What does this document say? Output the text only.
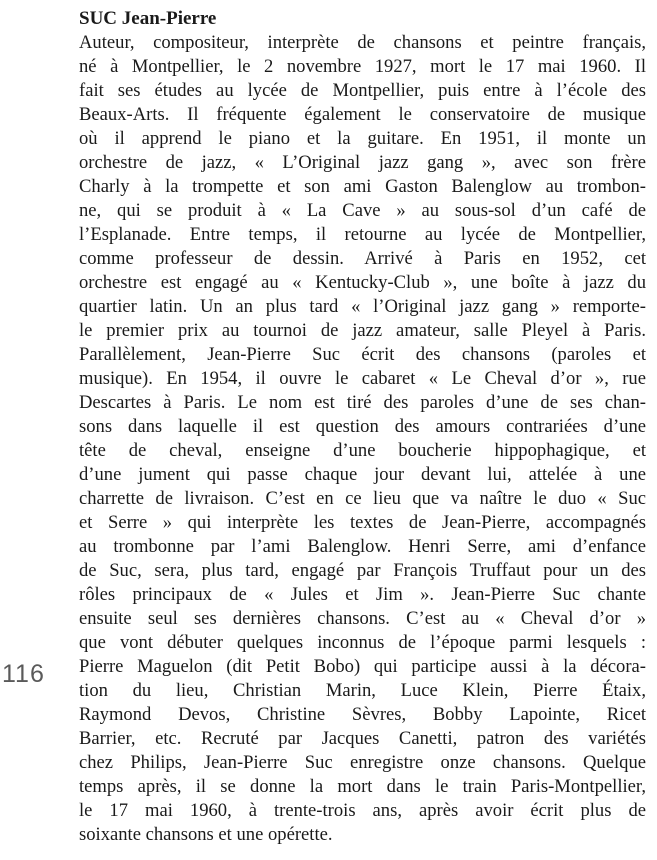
116
SUC Jean-Pierre

Auteur, compositeur, interprète de chansons et peintre français,
né à Montpellier, le 2 novembre 1927, mort le 17 mai 1960. Il
fait ses études au lycée de Montpellier, puis entre à l’école des
Beaux-Arts. Il fréquente également le conservatoire de musique
où il apprend le piano et la guitare. En 1951, il monte un
orchestre de jazz, « L’Original jazz gang », avec son frère
Charly à la trompette et son ami Gaston Balenglow au trombon-
ne, qui se produit à « La Cave » au sous-sol d’un café de
l’Esplanade. Entre temps, il retourne au lycée de Montpellier,
comme professeur de dessin. Arrivé à Paris en 1952, cet
orchestre est engagé au « Kentucky-Club », une boîte à jazz du
quartier latin. Un an plus tard « l’Original jazz gang » remporte-
le premier prix au tournoi de jazz amateur, salle Pleyel à Paris.
Parallèlement, Jean-Pierre Suc écrit des chansons (paroles et
musique). En 1954, il ouvre le cabaret « Le Cheval d’or », rue
Descartes à Paris. Le nom est tiré des paroles d’une de ses chan-
sons dans laquelle il est question des amours contrariées d’une
tête de cheval, enseigne d’une boucherie hippophagique, et
d’une jument qui passe chaque jour devant lui, attelée à une
charrette de livraison. C’est en ce lieu que va naître le duo « Suc
et Serre » qui interprète les textes de Jean-Pierre, accompagnés
au trombonne par l’ami Balenglow. Henri Serre, ami d’enfance
de Suc, sera, plus tard, engagé par François Truffaut pour un des
rôles principaux de « Jules et Jim ». Jean-Pierre Suc chante
ensuite seul ses dernières chansons. C’est au « Cheval d’or »
que vont débuter quelques inconnus de l’époque parmi lesquels :
Pierre Maguelon (dit Petit Bobo) qui participe aussi à la décora-
tion du lieu, Christian Marin, Luce Klein, Pierre Étaix,
Raymond Devos, Christine Sèvres, Bobby Lapointe, Ricet
Barrier, etc. Recruté par Jacques Canetti, patron des variétés
chez Philips, Jean-Pierre Suc enregistre onze chansons. Quelque
temps après, il se donne la mort dans le train Paris-Montpellier,
le 17 mai 1960, à trente-trois ans, après avoir écrit plus de
soixante chansons et une opérette.
